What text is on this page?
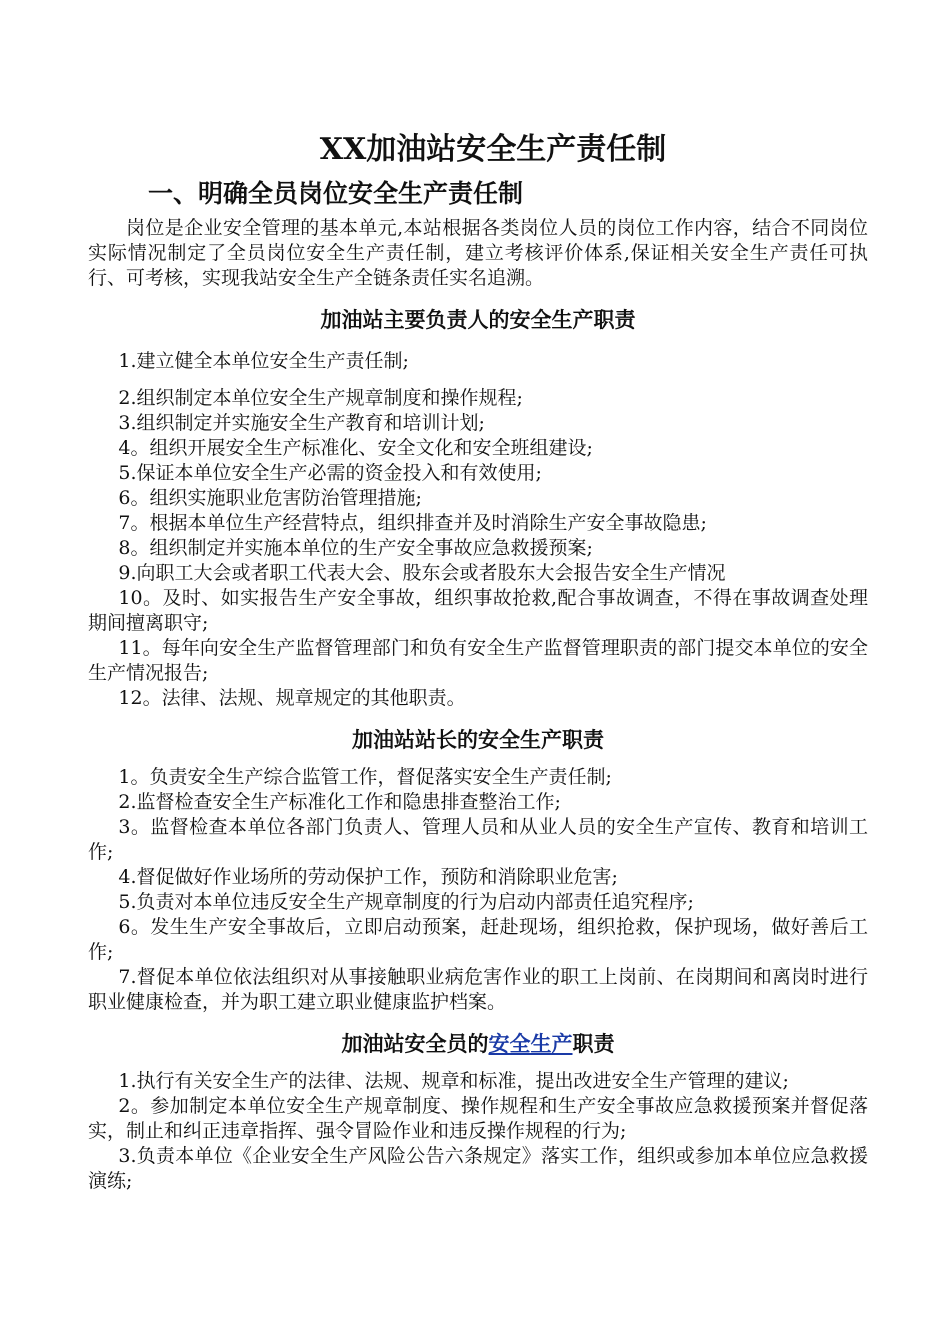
XX加油站安全生产责任制
一、明确全员岗位安全生产责任制

岗位是企业安全管理的基本单元,本站根据各类岗位人员的岗位工作内容，结合不同岗位实际情况制定了全员岗位安全生产责任制，建立考核评价体系,保证相关安全生产责任可执行、可考核，实现我站安全生产全链条责任实名追溯。

加油站主要负责人的安全生产职责
1.建立健全本单位安全生产责任制;
2.组织制定本单位安全生产规章制度和操作规程;
3.组织制定并实施安全生产教育和培训计划;
4。组织开展安全生产标准化、安全文化和安全班组建设;
5.保证本单位安全生产必需的资金投入和有效使用;
6。组织实施职业危害防治管理措施;
7。根据本单位生产经营特点，组织排查并及时消除生产安全事故隐患;
8。组织制定并实施本单位的生产安全事故应急救援预案;
9.向职工大会或者职工代表大会、股东会或者股东大会报告安全生产情况
10。及时、如实报告生产安全事故，组织事故抢救,配合事故调查，不得在事故调查处理期间擅离职守;
11。每年向安全生产监督管理部门和负有安全生产监督管理职责的部门提交本单位的安全生产情况报告;
12。法律、法规、规章规定的其他职责。
加油站站长的安全生产职责
1。负责安全生产综合监管工作，督促落实安全生产责任制;
2.监督检查安全生产标准化工作和隐患排查整治工作;
3。监督检查本单位各部门负责人、管理人员和从业人员的安全生产宣传、教育和培训工作;
4.督促做好作业场所的劳动保护工作，预防和消除职业危害;
5.负责对本单位违反安全生产规章制度的行为启动内部责任追究程序;
6。发生生产安全事故后，立即启动预案，赶赴现场，组织抢救，保护现场，做好善后工作;
7.督促本单位依法组织对从事接触职业病危害作业的职工上岗前、在岗期间和离岗时进行职业健康检查，并为职工建立职业健康监护档案。
加油站安全员的安全生产职责
1.执行有关安全生产的法律、法规、规章和标准，提出改进安全生产管理的建议;
2。参加制定本单位安全生产规章制度、操作规程和生产安全事故应急救援预案并督促落实，制止和纠正违章指挥、强令冒险作业和违反操作规程的行为;
3.负责本单位《企业安全生产风险公告六条规定》落实工作，组织或参加本单位应急救援演练;
